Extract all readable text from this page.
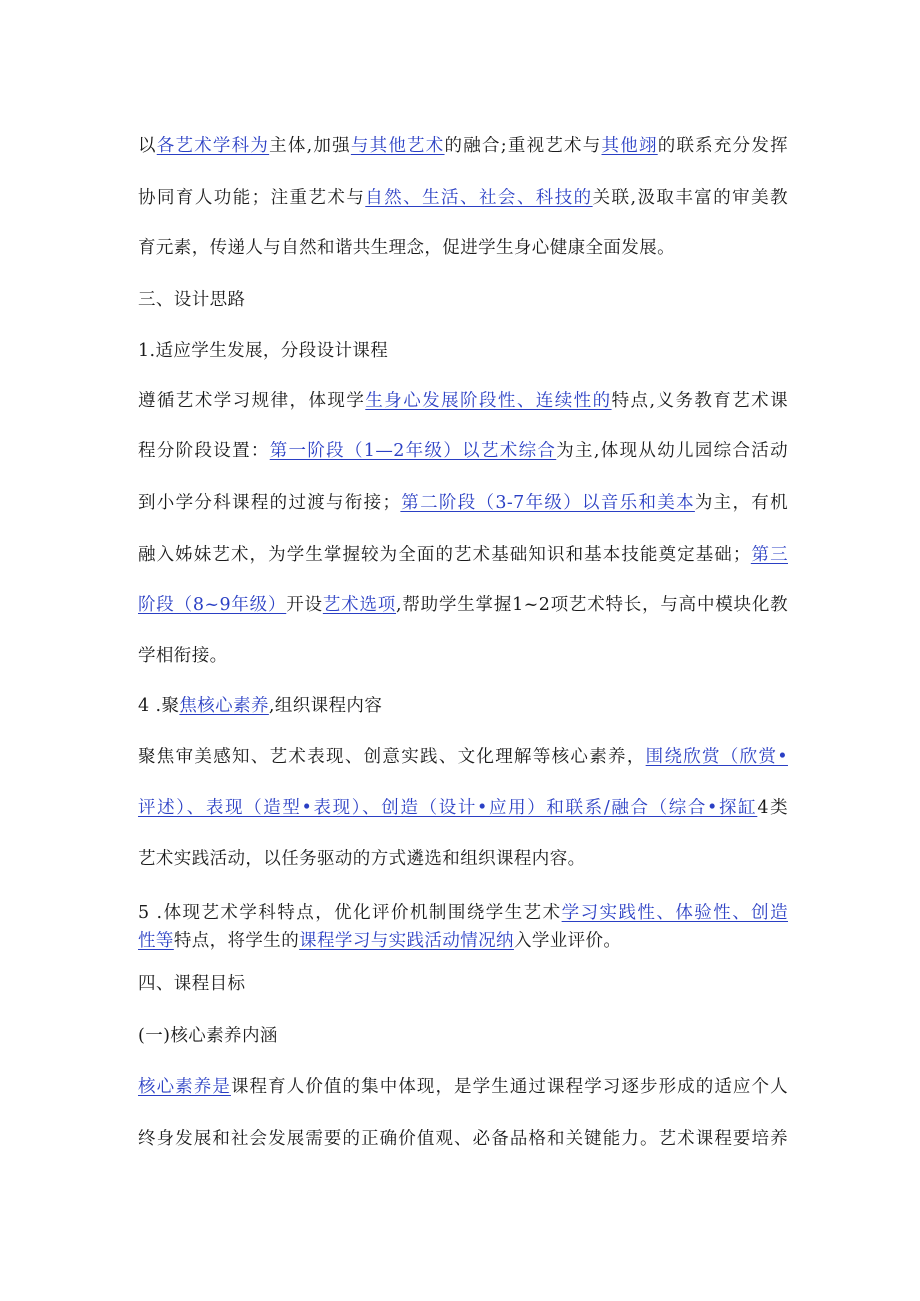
以各艺术学科为主体,加强与其他艺术的融合;重视艺术与其他翊的联系充分发挥
协同育人功能；注重艺术与自然、生活、社会、科技的关联,汲取丰富的审美教
育元素，传递人与自然和谐共生理念，促进学生身心健康全面发展。
三、设计思路
1.适应学生发展，分段设计课程
遵循艺术学习规律，体现学生身心发展阶段性、连续性的特点,义务教育艺术课
程分阶段设置：第一阶段（1—2年级）以艺术综合为主,体现从幼儿园综合活动
到小学分科课程的过渡与衔接；第二阶段（3-7年级）以音乐和美本为主，有机
融入姊妹艺术，为学生掌握较为全面的艺术基础知识和基本技能奠定基础；第三
阶段（8~9年级）开设艺术选项,帮助学生掌握1~2项艺术特长，与高中模块化教
学相衔接。
4 .聚焦核心素养,组织课程内容
聚焦审美感知、艺术表现、创意实践、文化理解等核心素养，围绕欣赏（欣赏•
评述）、表现（造型•表现）、创造（设计•应用）和联系/融合（综合•探缸4类
艺术实践活动，以任务驱动的方式遴选和组织课程内容。
5 .体现艺术学科特点，优化评价机制围绕学生艺术学习实践性、体验性、创造
性等特点，将学生的课程学习与实践活动情况纳入学业评价。
四、课程目标
(一)核心素养内涵
核心素养是课程育人价值的集中体现，是学生通过课程学习逐步形成的适应个人
终身发展和社会发展需要的正确价值观、必备品格和关键能力。艺术课程要培养
